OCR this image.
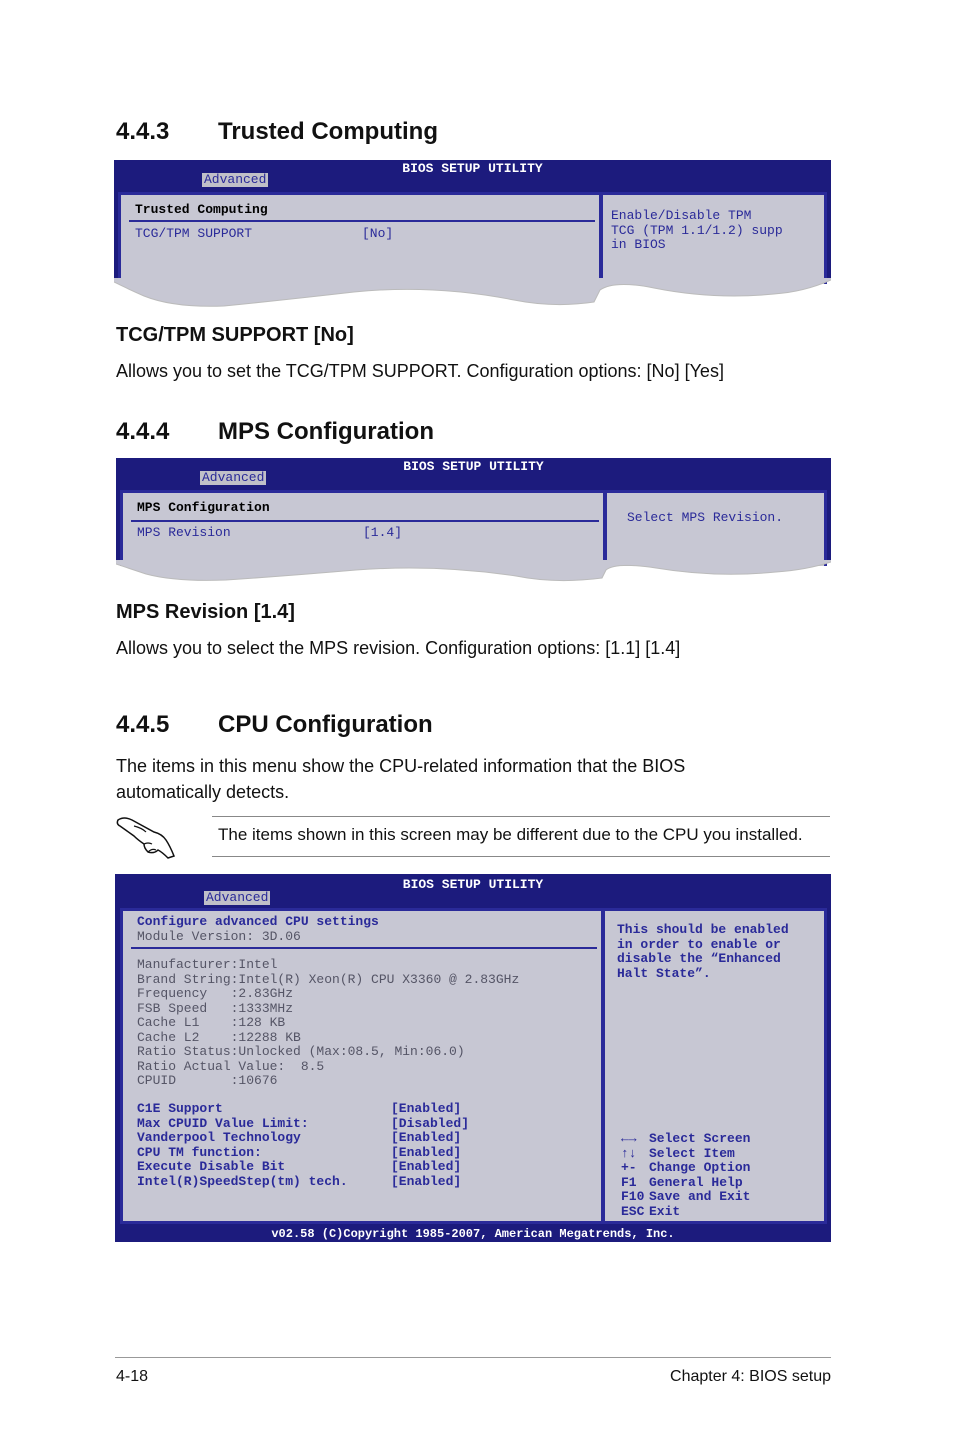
4.4.3 Trusted Computing
BIOS SETUP UTILITY
Advanced
Trusted Computing
TCG/TPM SUPPORT	[No]
Enable/Disable TPM
TCG (TPM 1.1/1.2) supp
in BIOS
TCG/TPM SUPPORT [No]

Allows you to set the TCG/TPM SUPPORT. Configuration options: [No] [Yes]

4.4.4 MPS Configuration
BIOS SETUP UTILITY
Advanced
MPS Configuration
MPS Revision	[1.4]
Select MPS Revision.
MPS Revision [1.4]

Allows you to select the MPS revision. Configuration options: [1.1] [1.4]

4.4.5 CPU Configuration

The items in this menu show the CPU-related information that the BIOS
automatically detects.

The items shown in this screen may be different due to the CPU you installed.
BIOS SETUP UTILITY
Advanced
Configure advanced CPU settings
Module Version: 3D.06
Manufacturer:Intel
Brand String:Intel(R) Xeon(R) CPU X3360 @ 2.83GHz
Frequency   :2.83GHz
FSB Speed   :1333MHz
Cache L1    :128 KB
Cache L2    :12288 KB
Ratio Status:Unlocked (Max:08.5, Min:06.0)
Ratio Actual Value:  8.5
CPUID       :10676
C1E Support	[Enabled]
Max CPUID Value Limit:	[Disabled]
Vanderpool Technology	[Enabled]
CPU TM function:	[Enabled]
Execute Disable Bit	[Enabled]
Intel(R)SpeedStep(tm) tech.	[Enabled]
This should be enabled
in order to enable or
disable the “Enhanced
Halt State”.
←→ Select Screen
↑↓ Select Item
+- Change Option
F1 General Help
F10 Save and Exit
ESC Exit
v02.58 (C)Copyright 1985-2007, American Megatrends, Inc.
4-18	Chapter 4: BIOS setup
